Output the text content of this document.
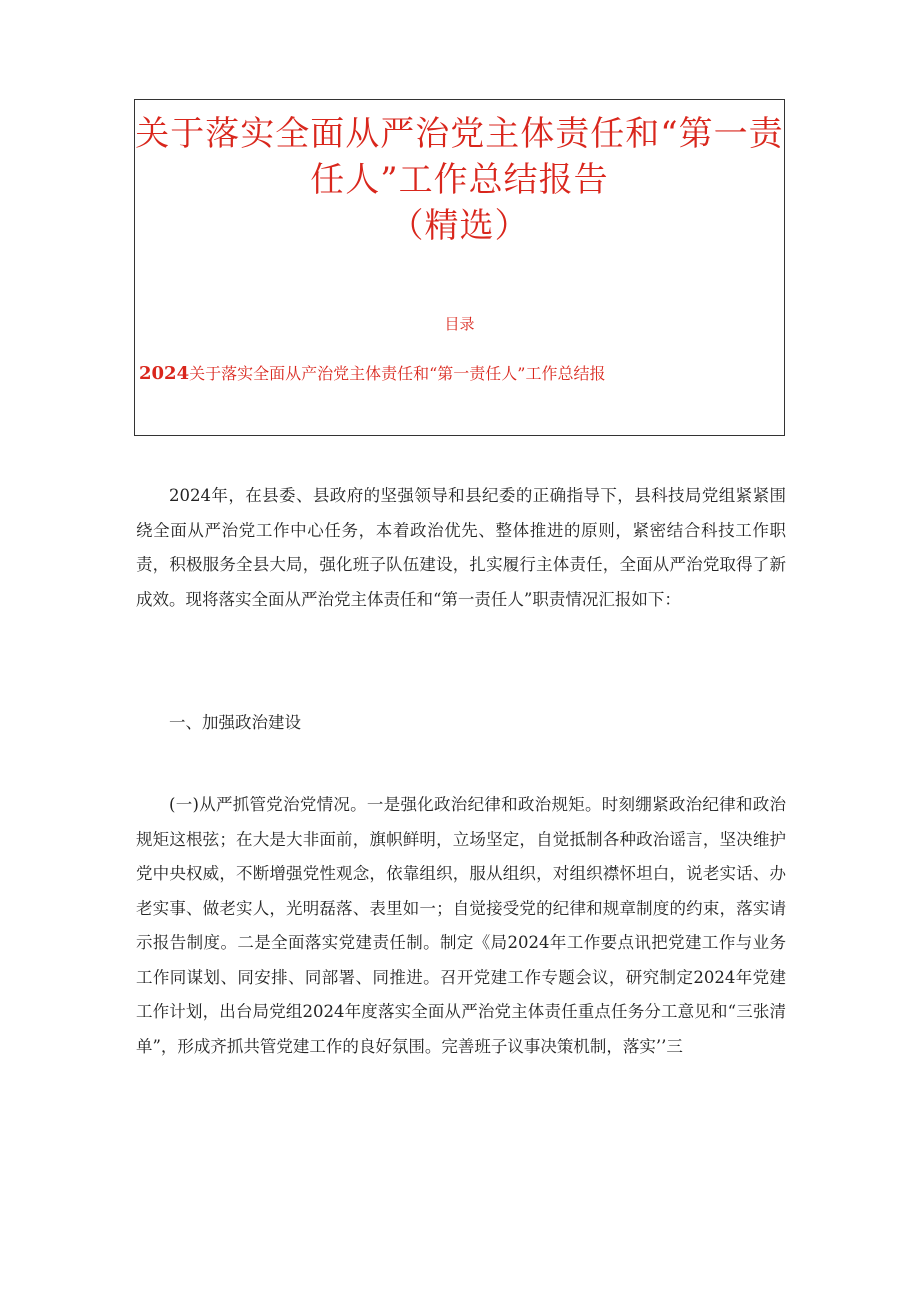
关于落实全面从严治党主体责任和“第一责
任人”工作总结报告
（精选）
目录
2024关于落实全面从产治党主体责任和“第一责任人”工作总结报

2024年，在县委、县政府的坚强领导和县纪委的正确指导下，县科技局党组紧紧围绕全面从严治党工作中心任务，本着政治优先、整体推进的原则，紧密结合科技工作职责，积极服务全县大局，强化班子队伍建设，扎实履行主体责任，全面从严治党取得了新成效。现将落实全面从严治党主体责任和“第一责任人”职责情况汇报如下：

一、加强政治建设

(一)从严抓管党治党情况。一是强化政治纪律和政治规矩。时刻绷紧政治纪律和政治规矩这根弦；在大是大非面前，旗帜鲜明，立场坚定，自觉抵制各种政治谣言，坚决维护党中央权威，不断增强党性观念，依靠组织，服从组织，对组织襟怀坦白，说老实话、办老实事、做老实人，光明磊落、表里如一；自觉接受党的纪律和规章制度的约束，落实请示报告制度。二是全面落实党建责任制。制定《局2024年工作要点讯把党建工作与业务工作同谋划、同安排、同部署、同推进。召开党建工作专题会议，研究制定2024年党建工作计划，出台局党组2024年度落实全面从严治党主体责任重点任务分工意见和“三张清单”，形成齐抓共管党建工作的良好氛围。完善班子议事决策机制，落实’’三
